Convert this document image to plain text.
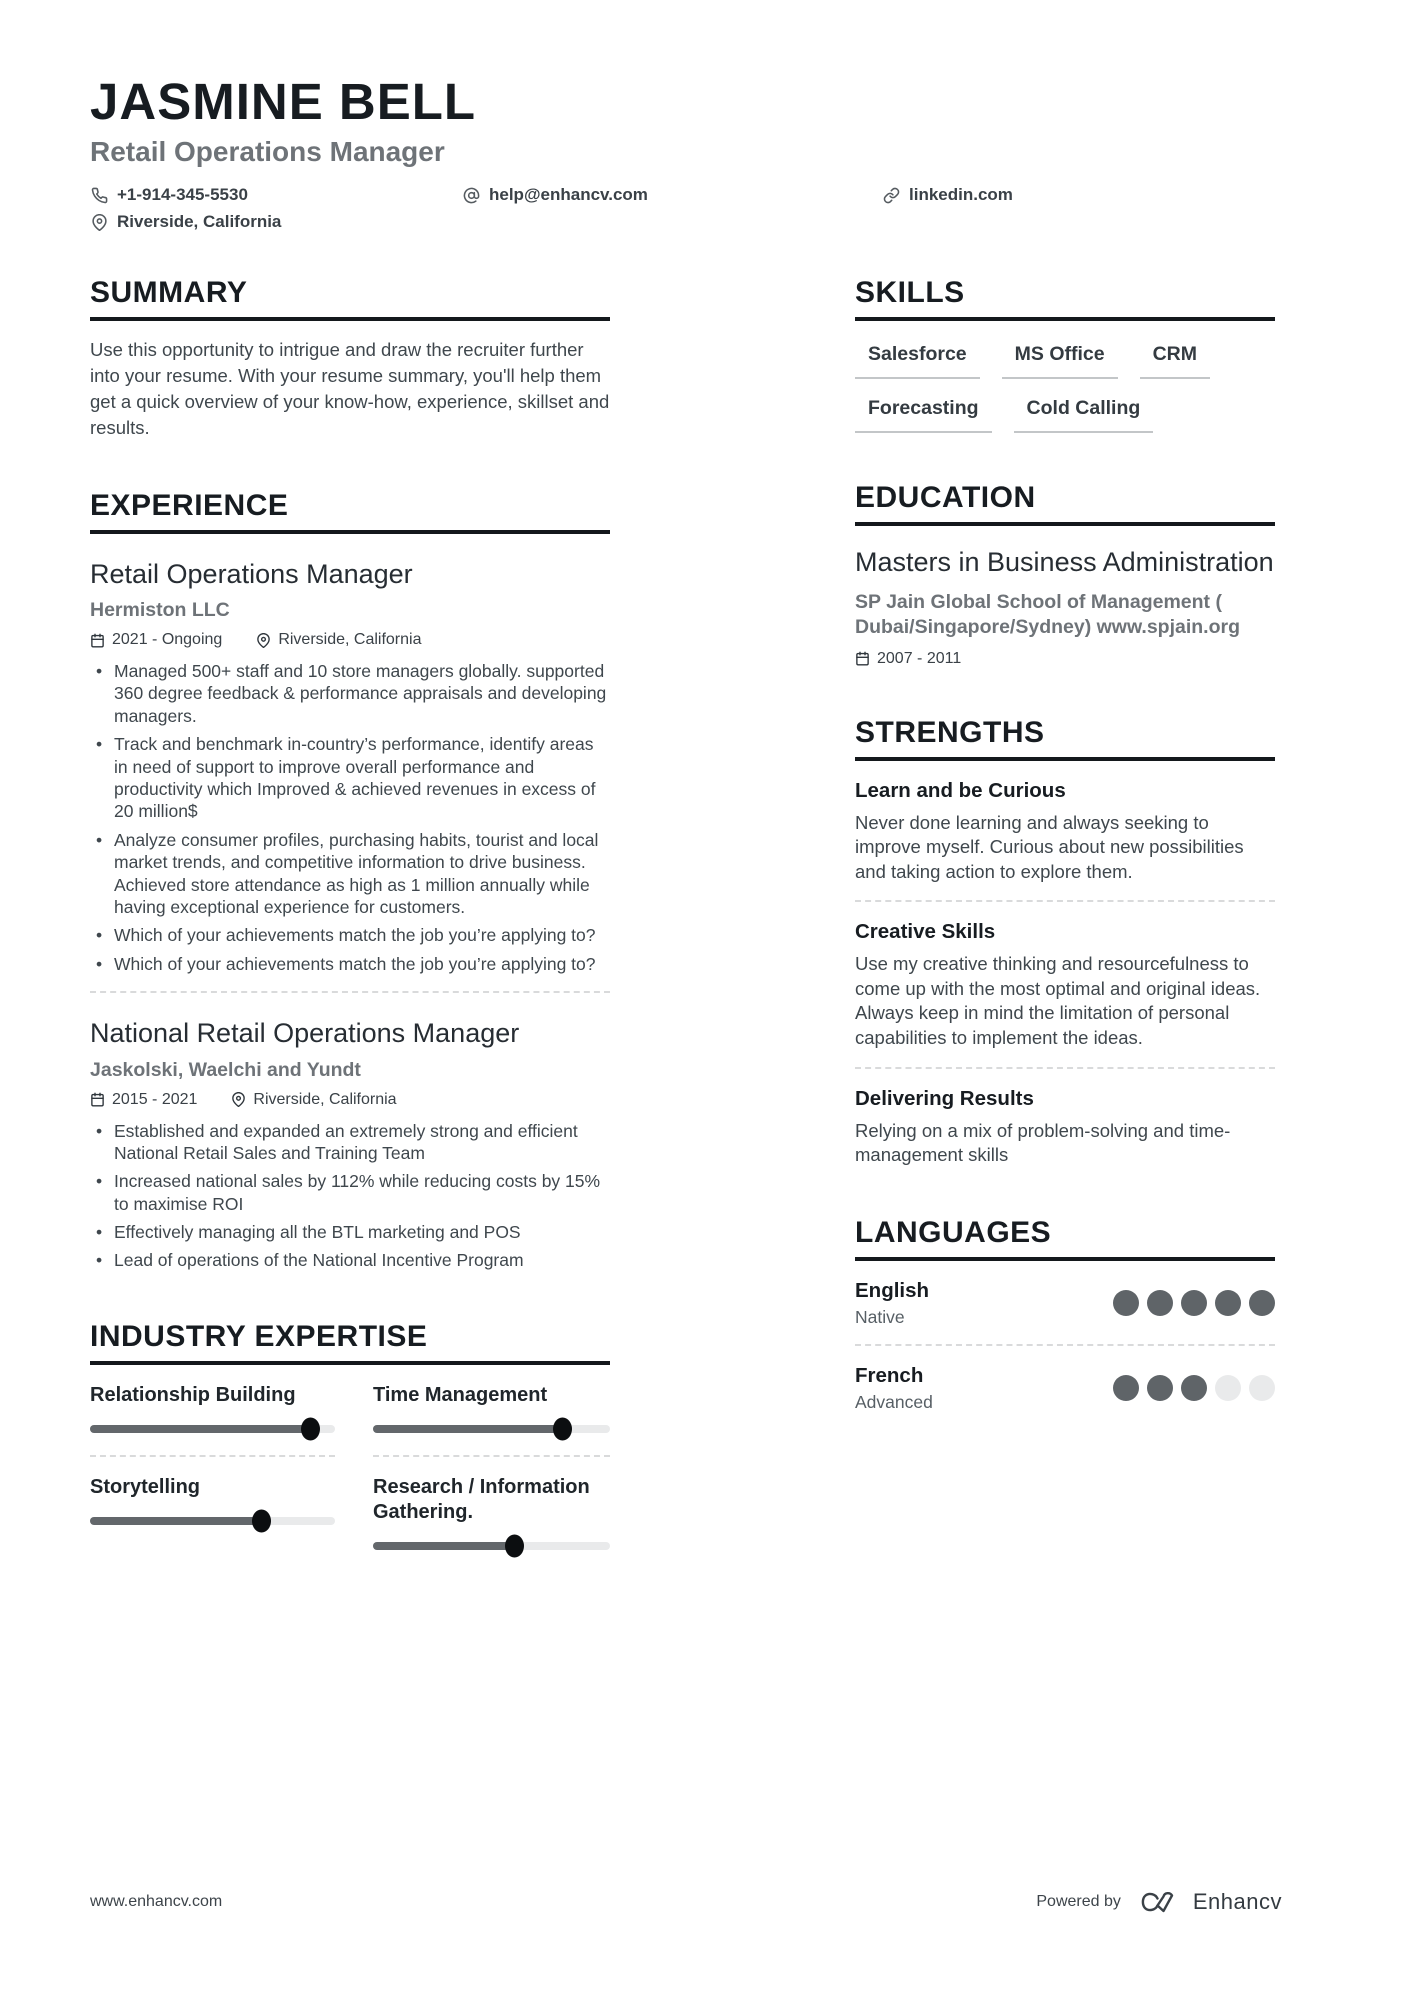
JASMINE BELL
Retail Operations Manager
+1-914-345-5530	help@enhancv.com	linkedin.com
Riverside, California
SUMMARY

Use this opportunity to intrigue and draw the recruiter further into your resume. With your resume summary, you'll help them get a quick overview of your know-how, experience, skillset and results.

EXPERIENCE
Retail Operations Manager
Hermiston LLC
2021 - Ongoing	Riverside, California
• Managed 500+ staff and 10 store managers globally. supported 360 degree feedback & performance appraisals and developing managers.
• Track and benchmark in-country’s performance, identify areas in need of support to improve overall performance and productivity which Improved & achieved revenues in excess of 20 million$
• Analyze consumer profiles, purchasing habits, tourist and local market trends, and competitive information to drive business. Achieved store attendance as high as 1 million annually while having exceptional experience for customers.
• Which of your achievements match the job you’re applying to?
• Which of your achievements match the job you’re applying to?
National Retail Operations Manager
Jaskolski, Waelchi and Yundt
2015 - 2021	Riverside, California
• Established and expanded an extremely strong and efficient National Retail Sales and Training Team
• Increased national sales by 112% while reducing costs by 15% to maximise ROI
• Effectively managing all the BTL marketing and POS
• Lead of operations of the National Incentive Program
INDUSTRY EXPERTISE
Relationship Building
Storytelling
Time Management
Research / Information Gathering.
SKILLS
Salesforce	MS Office	CRM
Forecasting	Cold Calling
EDUCATION
Masters in Business Administration
SP Jain Global School of Management ( Dubai/Singapore/Sydney) www.spjain.org
2007 - 2011
STRENGTHS
Learn and be Curious

Never done learning and always seeking to improve myself. Curious about new possibilities and taking action to explore them.

Creative Skills

Use my creative thinking and resourcefulness to come up with the most optimal and original ideas. Always keep in mind the limitation of personal capabilities to implement the ideas.

Delivering Results

Relying on a mix of problem-solving and time-management skills

LANGUAGES
English
Native
French
Advanced
www.enhancv.com	Powered by	Enhancv
